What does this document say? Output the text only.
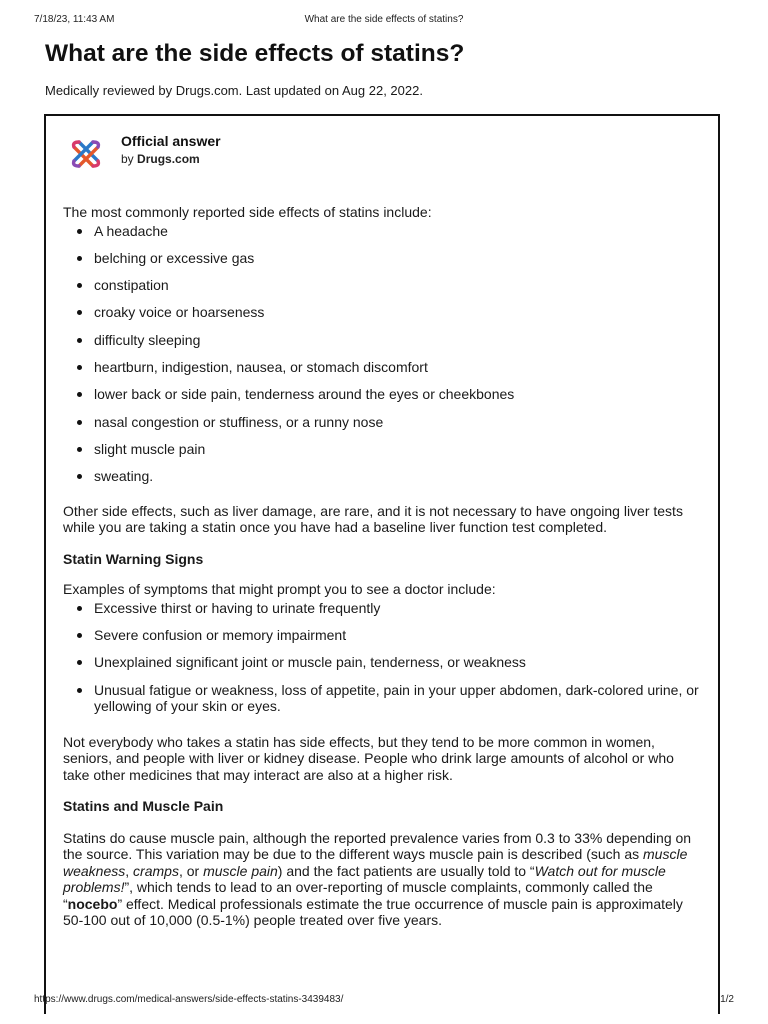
7/18/23, 11:43 AM	What are the side effects of statins?
What are the side effects of statins?
Medically reviewed by Drugs.com. Last updated on Aug 22, 2022.
Official answer
by Drugs.com

The most commonly reported side effects of statins include:

A headache
belching or excessive gas
constipation
croaky voice or hoarseness
difficulty sleeping
heartburn, indigestion, nausea, or stomach discomfort
lower back or side pain, tenderness around the eyes or cheekbones
nasal congestion or stuffiness, or a runny nose
slight muscle pain
sweating.

Other side effects, such as liver damage, are rare, and it is not necessary to have ongoing liver tests while you are taking a statin once you have had a baseline liver function test completed.

Statin Warning Signs

Examples of symptoms that might prompt you to see a doctor include:

Excessive thirst or having to urinate frequently
Severe confusion or memory impairment
Unexplained significant joint or muscle pain, tenderness, or weakness
Unusual fatigue or weakness, loss of appetite, pain in your upper abdomen, dark-colored urine, or yellowing of your skin or eyes.

Not everybody who takes a statin has side effects, but they tend to be more common in women, seniors, and people with liver or kidney disease. People who drink large amounts of alcohol or who take other medicines that may interact are also at a higher risk.

Statins and Muscle Pain

Statins do cause muscle pain, although the reported prevalence varies from 0.3 to 33% depending on the source. This variation may be due to the different ways muscle pain is described (such as muscle weakness, cramps, or muscle pain) and the fact patients are usually told to “Watch out for muscle problems!”, which tends to lead to an over-reporting of muscle complaints, commonly called the “nocebo” effect. Medical professionals estimate the true occurrence of muscle pain is approximately 50-100 out of 10,000 (0.5-1%) people treated over five years.

https://www.drugs.com/medical-answers/side-effects-statins-3439483/	1/2
